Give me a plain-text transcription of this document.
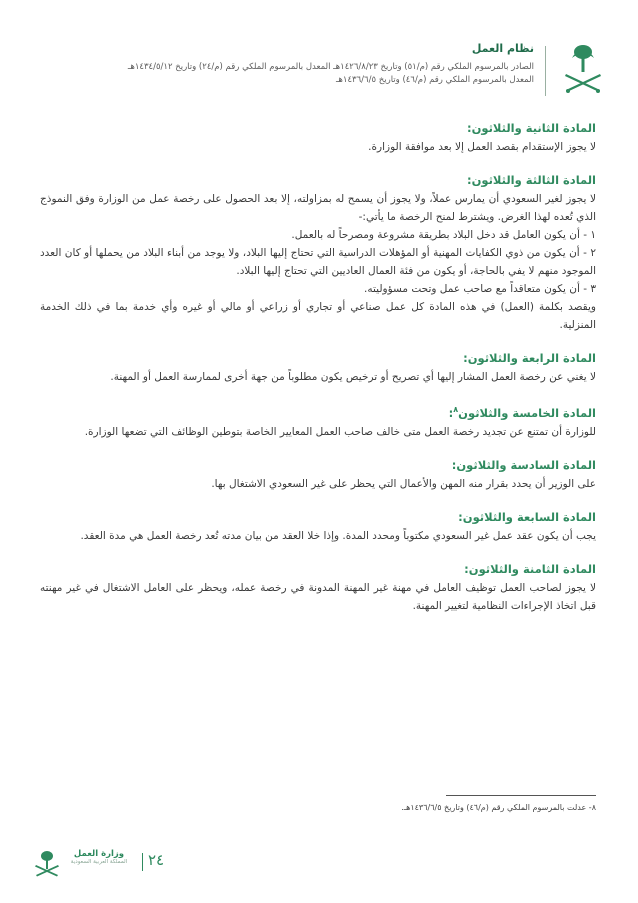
نظام العمل
الصادر بالمرسوم الملكي رقم (م/٥١) وتاريخ ١٤٢٦/٨/٢٣هـ المعدل بالمرسوم الملكي رقم (م/٢٤) وتاريخ ١٤٣٤/٥/١٢هـ
المعدل بالمرسوم الملكي رقم (م/٤٦) وتاريخ ١٤٣٦/٦/٥هـ
المادة الثانية والثلاثون:

لا يجوز الإستقدام بقصد العمل إلا بعد موافقة الوزارة.

المادة الثالثة والثلاثون:

لا يجوز لغير السعودي أن يمارس عملاً، ولا يجوز أن يسمح له بمزاولته، إلا بعد الحصول على رخصة عمل من الوزارة وفق النموذج الذي تُعده لهذا الغرض. ويشترط لمنح الرخصة ما يأتي:-

١ - أن يكون العامل قد دخل البلاد بطريقة مشروعة ومصرحاً له بالعمل.

٢ - أن يكون من ذوي الكفايات المهنية أو المؤهلات الدراسية التي تحتاج إليها البلاد، ولا يوجد من أبناء البلاد من يحملها أو كان العدد الموجود منهم لا يفي بالحاجة، أو يكون من فئة العمال العاديين التي تحتاج إليها البلاد.

٣ - أن يكون متعاقداً مع صاحب عمل وتحت مسؤوليته.

ويقصد بكلمة (العمل) في هذه المادة كل عمل صناعي أو تجاري أو زراعي أو مالي أو غيره وأي خدمة بما في ذلك الخدمة المنزلية.

المادة الرابعة والثلاثون:

لا يغني عن رخصة العمل المشار إليها أي تصريح أو ترخيص يكون مطلوباً من جهة أخرى لممارسة العمل أو المهنة.

المادة الخامسة والثلاثون$^٨$:

للوزارة أن تمتنع عن تجديد رخصة العمل متى خالف صاحب العمل المعايير الخاصة بتوطين الوظائف التي تضعها الوزارة.

المادة السادسة والثلاثون:

على الوزير أن يحدد بقرار منه المهن والأعمال التي يحظر على غير السعودي الاشتغال بها.

المادة السابعة والثلاثون:

يجب أن يكون عقد عمل غير السعودي مكتوباً ومحدد المدة. وإذا خلا العقد من بيان مدته تُعد رخصة العمل هي مدة العقد.

المادة الثامنة والثلاثون:

لا يجوز لصاحب العمل توظيف العامل في مهنة غير المهنة المدونة في رخصة عمله، ويحظر على العامل الاشتغال في غير مهنته قبل اتخاذ الإجراءات النظامية لتغيير المهنة.

٨- عدلت بالمرسوم الملكي رقم (م/٤٦) وتاريخ ١٤٣٦/٦/٥هـ.
وزارة العمل
المملكة العربية السعودية	٢٤
